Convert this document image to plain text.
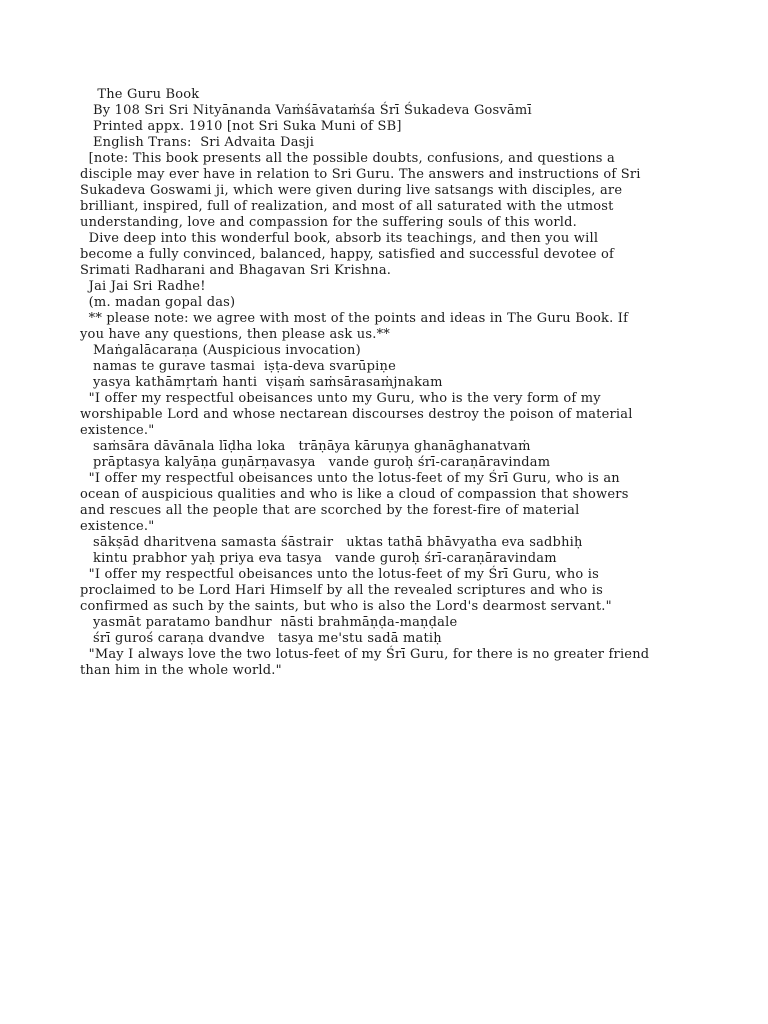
The Guru Book
By 108 Sri Sri Nityānanda Vaṁśāvataṁśa Śrī Śukadeva Gosvāmī
Printed appx. 1910 [not Sri Suka Muni of SB]
English Trans:  Sri Advaita Dasji
[note: This book presents all the possible doubts, confusions, and questions a
disciple may ever have in relation to Sri Guru. The answers and instructions of Sri
Sukadeva Goswami ji, which were given during live satsangs with disciples, are
brilliant, inspired, full of realization, and most of all saturated with the utmost
understanding, love and compassion for the suffering souls of this world.
Dive deep into this wonderful book, absorb its teachings, and then you will
become a fully convinced, balanced, happy, satisfied and successful devotee of
Srimati Radharani and Bhagavan Sri Krishna.
Jai Jai Sri Radhe!
(m. madan gopal das)
** please note: we agree with most of the points and ideas in The Guru Book. If
you have any questions, then please ask us.**
Maṅgalācaraṇa (Auspicious invocation)
namas te gurave tasmai  iṣṭa-deva svarūpiṇe
yasya kathāmṛtaṁ hanti  viṣaṁ saṁsārasaṁjnakam
"I offer my respectful obeisances unto my Guru, who is the very form of my
worshipable Lord and whose nectarean discourses destroy the poison of material
existence."
saṁsāra dāvānala līḍha loka   trāṇāya kāruṇya ghanāghanatvaṁ
prāptasya kalyāṇa guṇārṇavasya   vande guroḥ śrī-caraṇāravindam
"I offer my respectful obeisances unto the lotus-feet of my Śrī Guru, who is an
ocean of auspicious qualities and who is like a cloud of compassion that showers
and rescues all the people that are scorched by the forest-fire of material
existence."
sākṣād dharitvena samasta śāstrair   uktas tathā bhāvyatha eva sadbhiḥ
kintu prabhor yaḥ priya eva tasya   vande guroḥ śrī-caraṇāravindam
"I offer my respectful obeisances unto the lotus-feet of my Śrī Guru, who is
proclaimed to be Lord Hari Himself by all the revealed scriptures and who is
confirmed as such by the saints, but who is also the Lord's dearmost servant."
yasmāt paratamo bandhur  nāsti brahmāṇḍa-maṇḍale
śrī guroś caraṇa dvandve   tasya me'stu sadā matiḥ
"May I always love the two lotus-feet of my Śrī Guru, for there is no greater friend
than him in the whole world."
